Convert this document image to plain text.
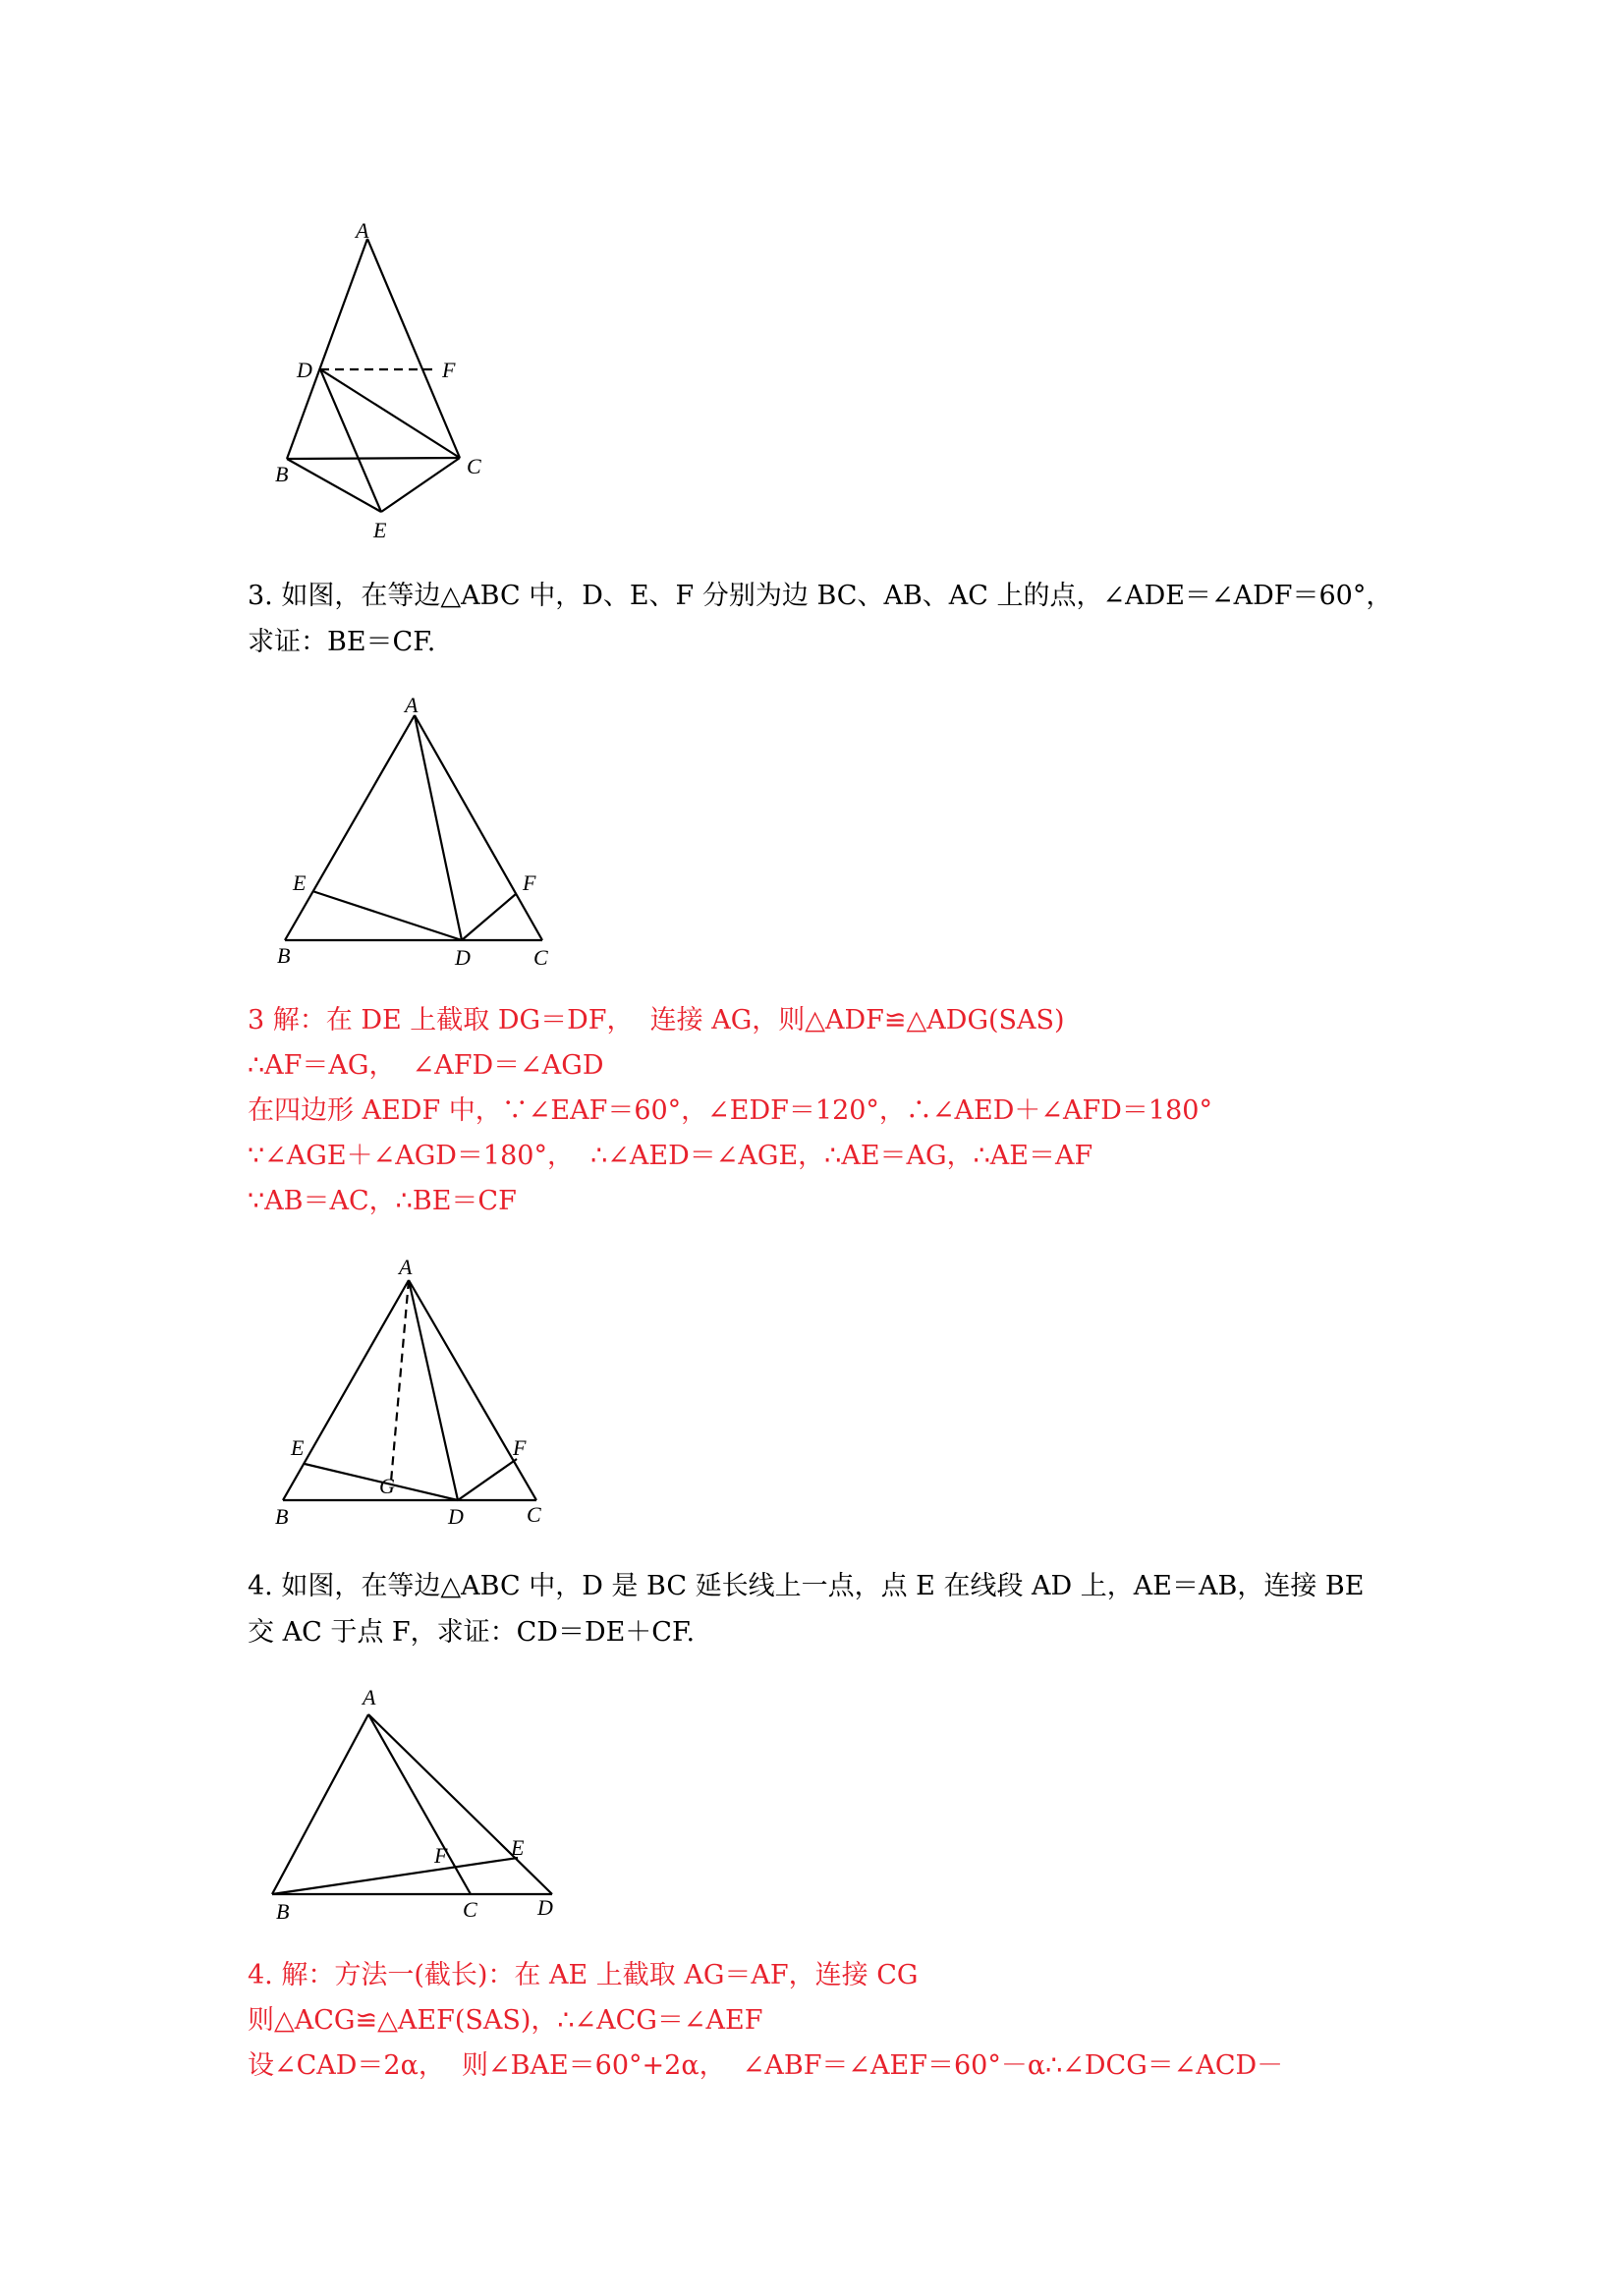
A
D	F
B	C
E
3. 如图，在等边△ABC 中，D、E、F 分别为边 BC、AB、AC 上的点，∠ADE＝∠ADF＝60°，
求证：BE＝CF.
A
E	F
B	D	C
3 解：在 DE 上截取 DG＝DF，  连接 AG，则△ADF≌△ADG(SAS)
∴AF＝AG，  ∠AFD＝∠AGD
在四边形 AEDF 中，∵∠EAF＝60°，∠EDF＝120°，∴∠AED＋∠AFD＝180°
∵∠AGE＋∠AGD＝180°，  ∴∠AED＝∠AGE，∴AE＝AG，∴AE＝AF
∵AB＝AC，∴BE＝CF
A
E	F
G
B	D	C
4. 如图，在等边△ABC 中，D 是 BC 延长线上一点，点 E 在线段 AD 上，AE＝AB，连接 BE
交 AC 于点 F，求证：CD＝DE＋CF.
A
E
F
B	C	D
4. 解：方法一(截长)：在 AE 上截取 AG＝AF，连接 CG
则△ACG≌△AEF(SAS)，∴∠ACG＝∠AEF
设∠CAD＝2α，  则∠BAE＝60°+2α，  ∠ABF＝∠AEF＝60°－α∴∠DCG＝∠ACD－
